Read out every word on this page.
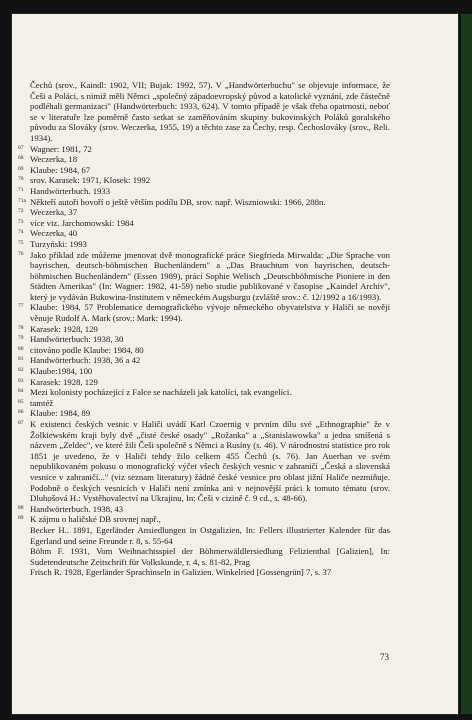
Čechů (srov., Kaindl: 1902, VII; Bujak: 1992, 57). V „Handwörterbuchu" se objevuje informace, že Češi a Poláci, s nimiž měli Němci „společný západoevropský původ a katolické vyznání, zde částečně podléhali germanizaci" (Handwörterbuch: 1933, 624). V tomto případě je však třeba opatrnosti, neboť se v literatuře lze poměrně často setkat se zaměňováním skupiny bukovinských Poláků goralského původu za Slováky (srov. Weczerka, 1955, 19) a těchto zase za Čechy, resp. Čechoslováky (srov., Reli. 1934).

67 Wagner: 1981, 72

68 Weczerka, 18

69 Klaube: 1984, 67

70 srov. Karasek: 1971, Klosek: 1992

71 Handwörterbuch. 1933

71a Někteří autoři hovoří o ještě větším podílu DB, srov. např. Wiszniowski: 1966, 288n.

72 Weczerka, 37

73 více viz. Jarchomowski: 1984

74 Weczerka, 40

75 Turzyński: 1993

76 Jako příklad zde můžeme jmenovat dvě monografické práce Siegfrieda Mirwalda: „Die Sprache von bayrischen, deutsch-böhmischen Buchenländern" a „Das Brauchtum von bayrischen, deutsch-böhmischen Buchenländern" (Essen 1989), práci Sophie Welisch „Deutschböhmische Pioniere in den Städten Amerikas" (In: Wagner: 1982, 41-59) nebo studie publikované v časopise „Kaindel Archiv", který je vydáván Bukowina-Institutem v německém Augsburgu (zvláště srov.: č. 12/1992 a 16/1993).

77 Klaube: 1984, 57 Problematice demografického vývoje německého obyvatelstva v Haliči se nověji věnuje Rudolf A. Mark (srov.: Mark: 1994).

78 Karasek: 1928, 129

79 Handwörterbuch: 1938, 30

80 citováno podle Klaube: 1984, 80

81 Handwörterbuch: 1938, 36 a 42

82 Klaube:1984, 100

83 Karasek: 1928, 129

84 Mezi kolonisty pocházející z Falce se nacházeli jak katolíci, tak evangelíci.

85 tamtéž

86 Klaube: 1984, 89

87 K existenci českých vesnic v Haliči uvádí Karl Czoernig v prvním dílu své „Ethnographie" že v Žolkiewském kraji byly dvě „čisté české osady" „Rožanka" a „Stanislawowka" a jedna smíšená s názvem „Zeldec", ve které žili Češi společně s Němci a Rusíny (s. 46). V národnostní statistice pro rok 1851 je uvedeno, že v Haliči tehdy žilo celkem 455 Čechů (s. 76). Jan Auerhan ve svém nepublikovaném pokusu o monografický výčet všech českých vesnic v zahraničí „Česká a slovenská vesnice v zahraničí..." (viz seznam literatury) žádné české vesnice pro oblast jižní Haliče nezmiňuje. Podobně o českých vesnicích v Haliči není zmínka ani v nejnovější práci k tomuto tématu (srov. Dluhošová H.: Vystěhovalectví na Ukrajinu, In: Češi v cizině č. 9 cd., s. 48-66).

88 Handwörterbuch. 1938, 43

89 K zájmu o haličské DB srovnej např.,

Becker H.. 1891, Egerländer Ansiedlungen in Ostgalizien, In: Fellers illustrierter Kalender für das Egerland und seine Freunde r. 8, s. 55-64

Böhm F. 1931, Vom Weihnachtsspiel der Böhmerwäldlersiedlung Felizienthal [Galizien], In: Sudetendeutsche Zeitschrift für Volkskunde, r. 4, s. 81-82, Prag

Frisch R. 1928, Egerländer Sprachinseln in Galizien. Winkelried [Gossengrün] 7, s. 37

73
